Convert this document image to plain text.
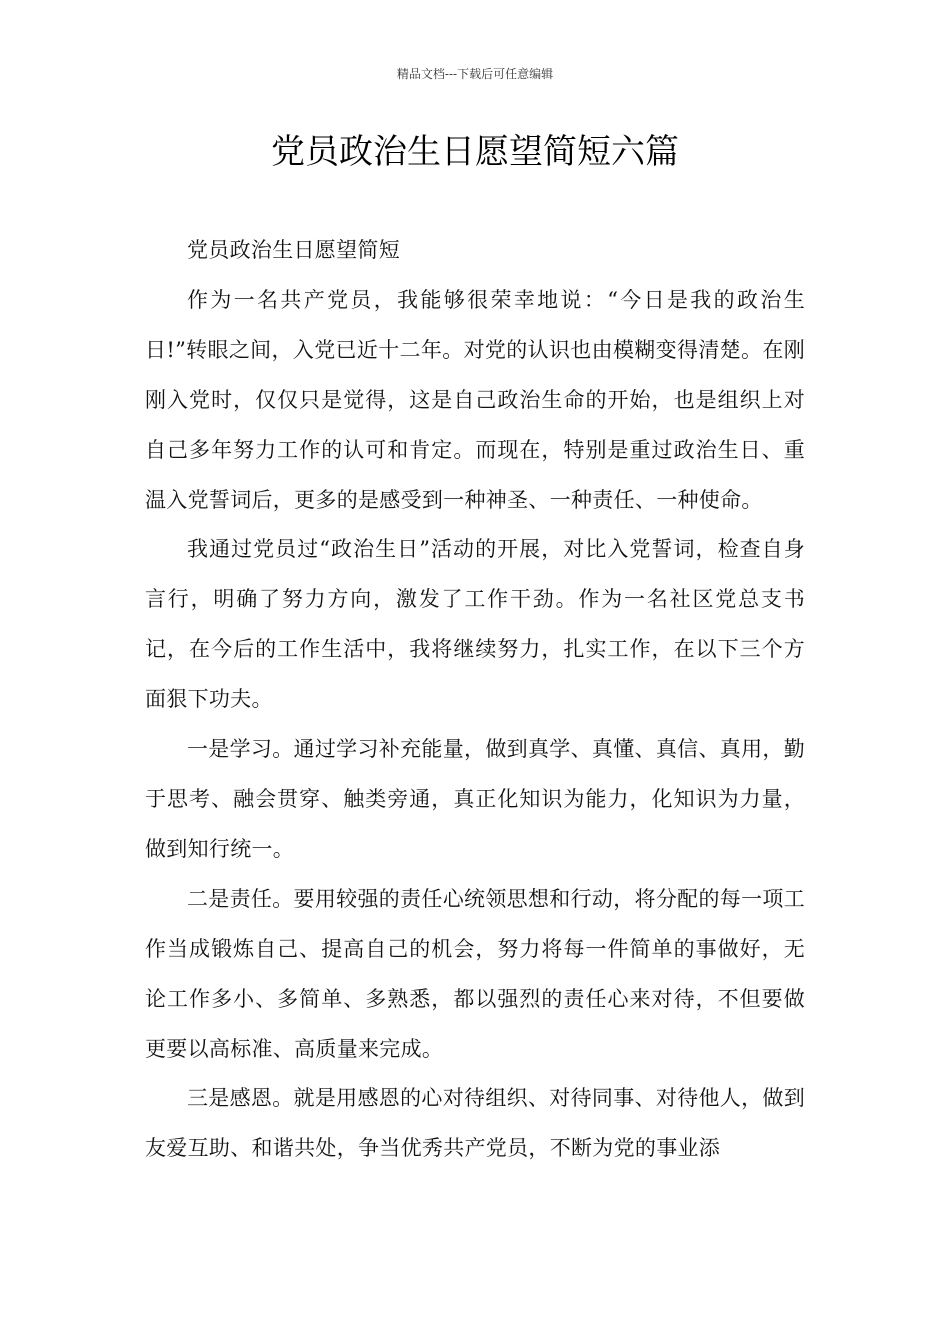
精品文档---下载后可任意编辑
党员政治生日愿望简短六篇

党员政治生日愿望简短

作为一名共产党员，我能够很荣幸地说：“今日是我的政治生日!”转眼之间，入党已近十二年。对党的认识也由模糊变得清楚。在刚刚入党时，仅仅只是觉得，这是自己政治生命的开始，也是组织上对自己多年努力工作的认可和肯定。而现在，特别是重过政治生日、重温入党誓词后，更多的是感受到一种神圣、一种责任、一种使命。

我通过党员过“政治生日”活动的开展，对比入党誓词，检查自身言行，明确了努力方向，激发了工作干劲。作为一名社区党总支书记，在今后的工作生活中，我将继续努力，扎实工作，在以下三个方面狠下功夫。

一是学习。通过学习补充能量，做到真学、真懂、真信、真用，勤于思考、融会贯穿、触类旁通，真正化知识为能力，化知识为力量，做到知行统一。

二是责任。要用较强的责任心统领思想和行动，将分配的每一项工作当成锻炼自己、提高自己的机会，努力将每一件简单的事做好，无论工作多小、多简单、多熟悉，都以强烈的责任心来对待，不但要做更要以高标准、高质量来完成。

三是感恩。就是用感恩的心对待组织、对待同事、对待他人，做到友爱互助、和谐共处，争当优秀共产党员，不断为党的事业添
